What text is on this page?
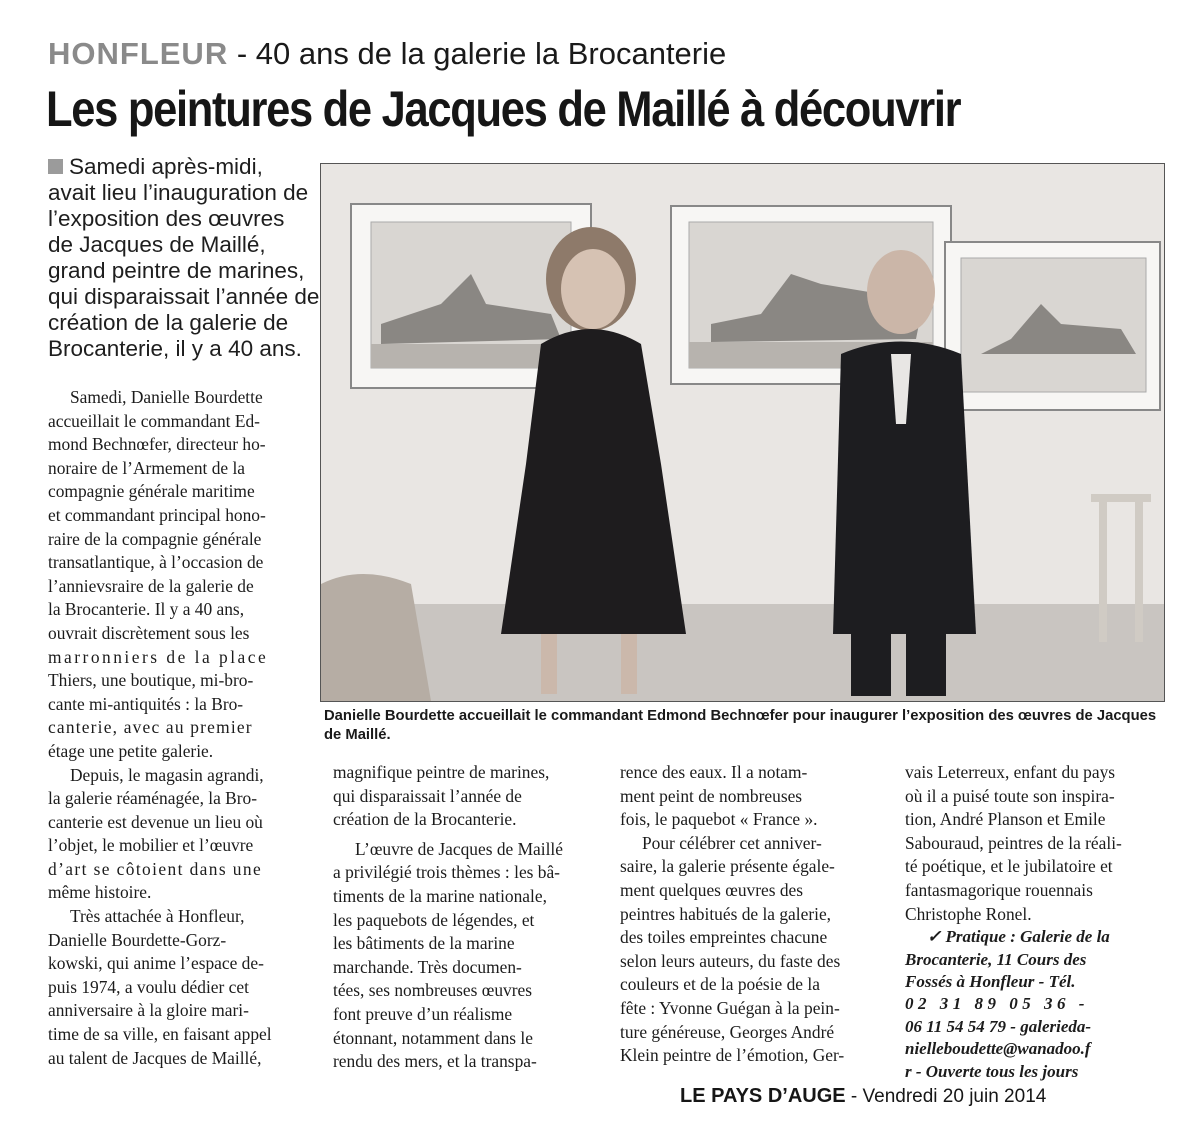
HONFLEUR - 40 ans de la galerie la Brocanterie
Les peintures de Jacques de Maillé à découvrir

Samedi après-midi,

avait lieu l’inauguration de

l’exposition des œuvres

de Jacques de Maillé,

grand peintre de marines,

qui disparaissait l’année de

création de la galerie de

Brocanterie, il y a 40 ans.

Samedi, Danielle Bourdette

accueillait le commandant Ed-

mond Bechnœfer, directeur ho-

noraire de l’Armement de la

compagnie générale maritime

et commandant principal hono-

raire de la compagnie générale

transatlantique, à l’occasion de

l’annievsraire de la galerie de

la Brocanterie. Il y a 40 ans,

ouvrait discrètement sous les

marronniers de la place

Thiers, une boutique, mi-bro-

cante mi-antiquités : la Bro-

canterie, avec au premier

étage une petite galerie.

Depuis, le magasin agrandi,

la galerie réaménagée, la Bro-

canterie est devenue un lieu où

l’objet, le mobilier et l’œuvre

d’art se côtoient dans une

même histoire.

Très attachée à Honfleur,

Danielle Bourdette-Gorz-

kowski, qui anime l’espace de-

puis 1974, a voulu dédier cet

anniversaire à la gloire mari-

time de sa ville, en faisant appel

au talent de Jacques de Maillé,

Danielle Bourdette accueillait le commandant Edmond Bechnœfer pour inaugurer l’exposition des œuvres de Jacques

de Maillé.

magnifique peintre de marines,

qui disparaissait l’année de

création de la Brocanterie.

L’œuvre de Jacques de Maillé

a privilégié trois thèmes : les bâ-

timents de la marine nationale,

les paquebots de légendes, et

les bâtiments de la marine

marchande. Très documen-

tées, ses nombreuses œuvres

font preuve d’un réalisme

étonnant, notamment dans le

rendu des mers, et la transpa-

rence des eaux. Il a notam-

ment peint de nombreuses

fois, le paquebot « France ».

Pour célébrer cet anniver-

saire, la galerie présente égale-

ment quelques œuvres des

peintres habitués de la galerie,

des toiles empreintes chacune

selon leurs auteurs, du faste des

couleurs et de la poésie de la

fête : Yvonne Guégan à la pein-

ture généreuse, Georges André

Klein peintre de l’émotion, Ger-

vais Leterreux, enfant du pays

où il a puisé toute son inspira-

tion, André Planson et Emile

Sabouraud, peintres de la réali-

té poétique, et le jubilatoire et

fantasmagorique rouennais

Christophe Ronel.

✓ Pratique : Galerie de la

Brocanterie, 11 Cours des

Fossés à Honfleur - Tél.

02 31 89 05 36 -

06 11 54 54 79 - galerieda-

nielleboudette@wanadoo.f

r - Ouverte tous les jours

LE PAYS D’AUGE - Vendredi 20 juin 2014
